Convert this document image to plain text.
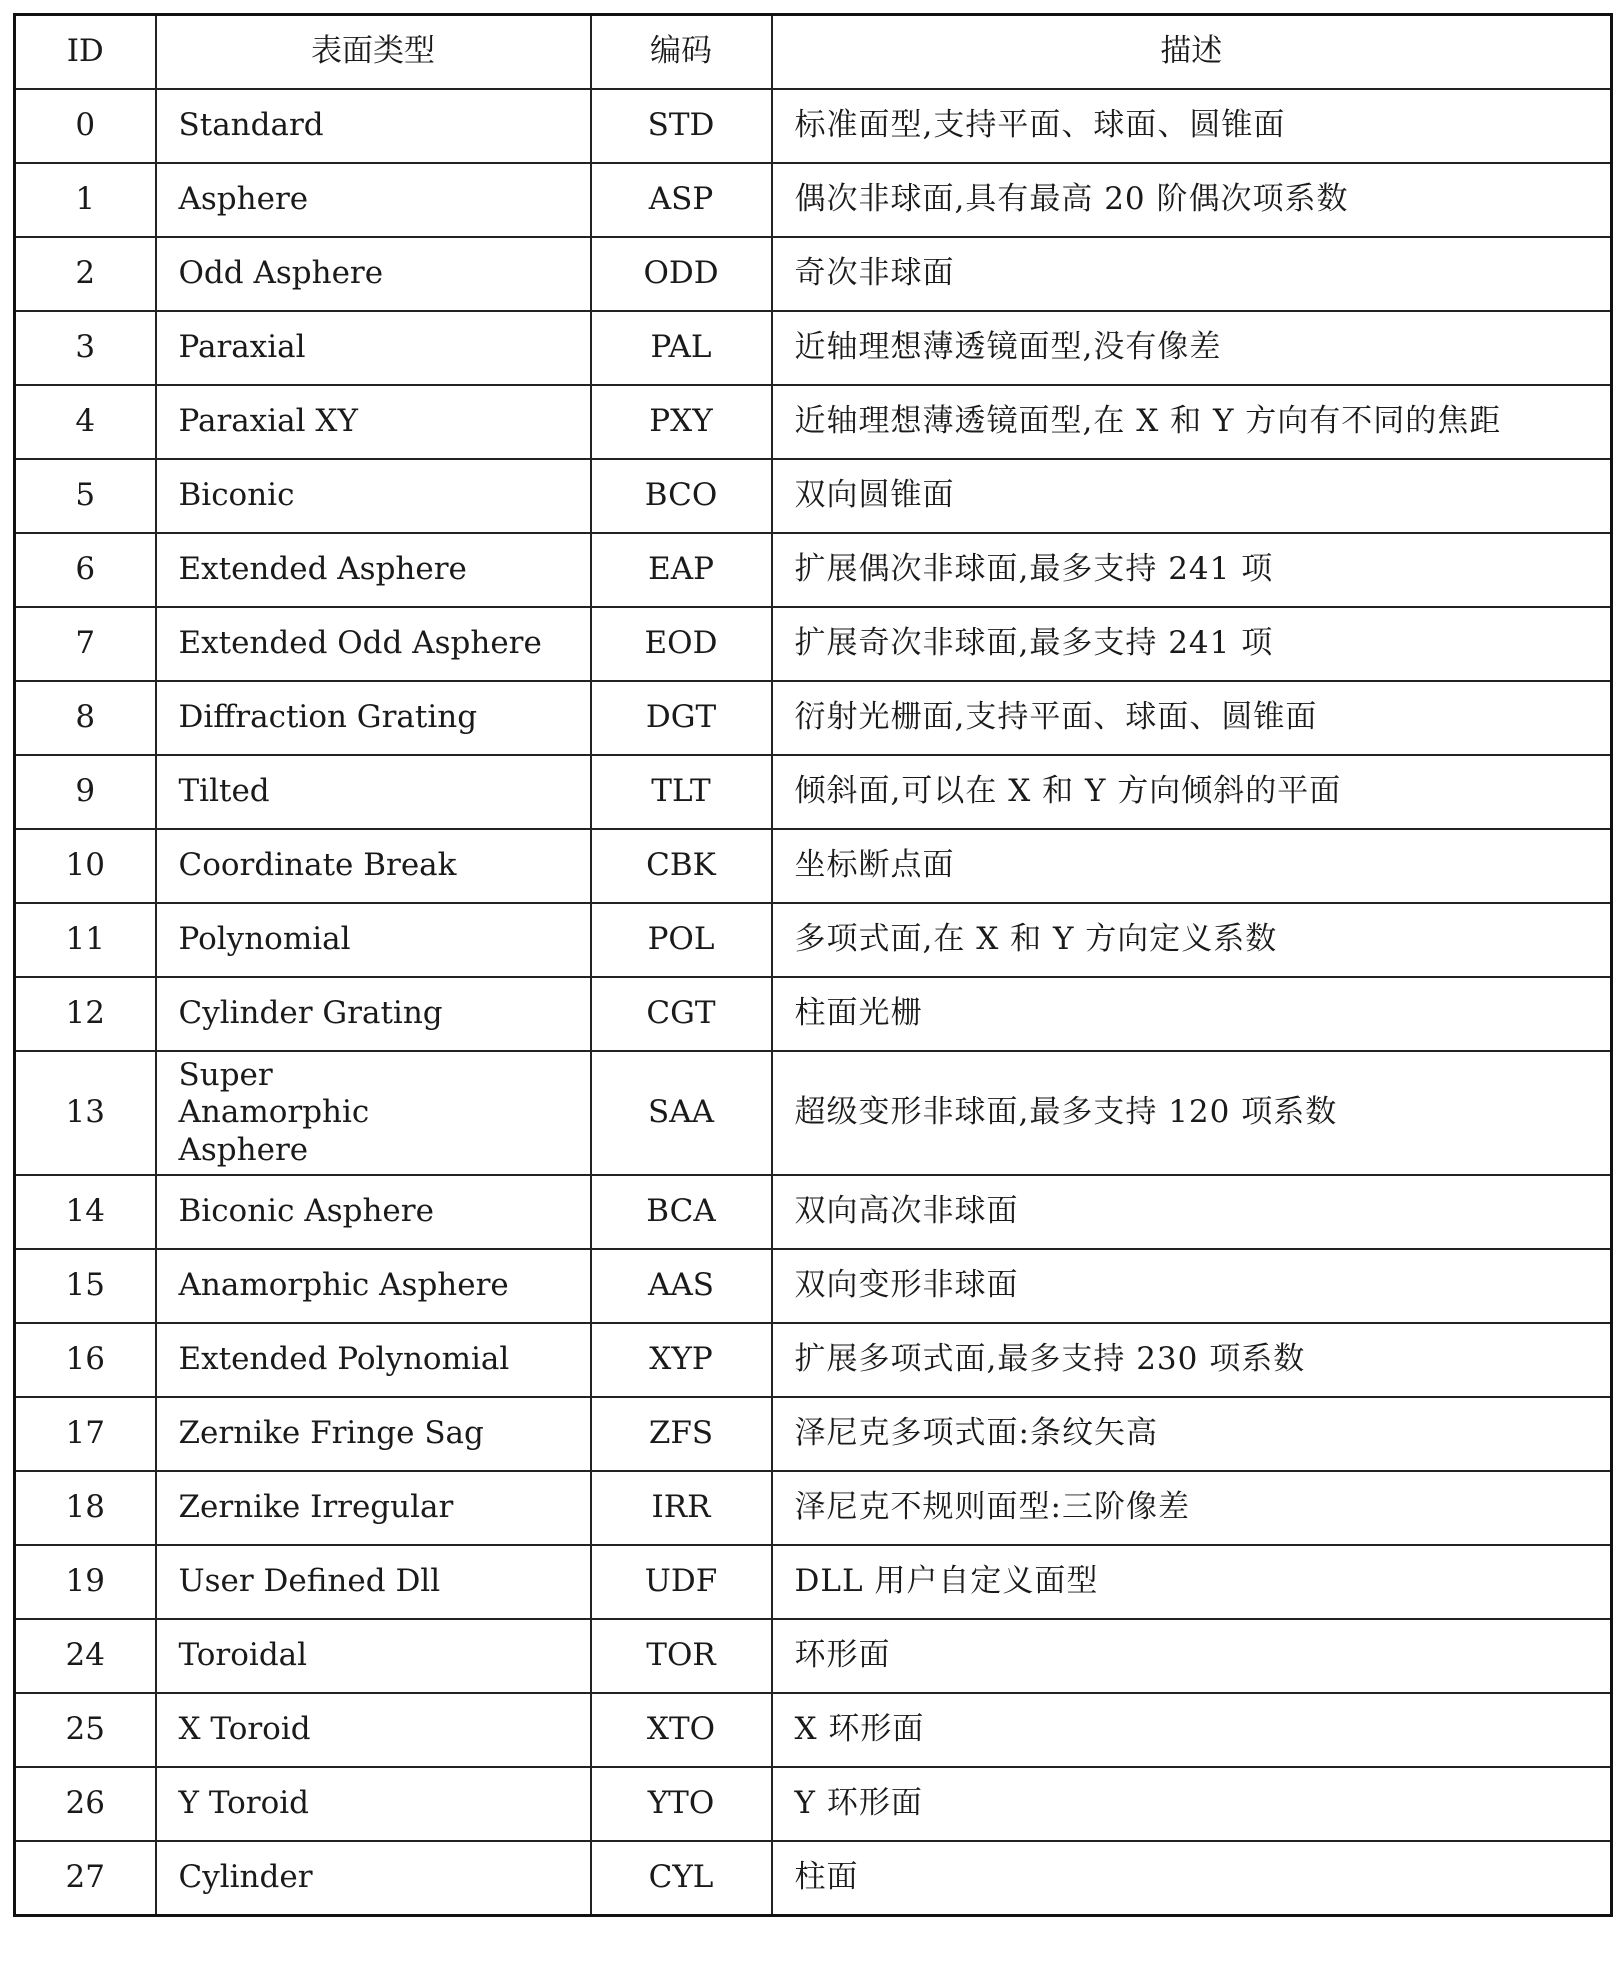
ID	表面类型	编码	描述
0	Standard	STD	标准面型,支持平面、球面、圆锥面
1	Asphere	ASP	偶次非球面,具有最高 20 阶偶次项系数
2	Odd Asphere	ODD	奇次非球面
3	Paraxial	PAL	近轴理想薄透镜面型,没有像差
4	Paraxial XY	PXY	近轴理想薄透镜面型,在 X 和 Y 方向有不同的焦距
5	Biconic	BCO	双向圆锥面
6	Extended Asphere	EAP	扩展偶次非球面,最多支持 241 项
7	Extended Odd Asphere	EOD	扩展奇次非球面,最多支持 241 项
8	Diffraction Grating	DGT	衍射光栅面,支持平面、球面、圆锥面
9	Tilted	TLT	倾斜面,可以在 X 和 Y 方向倾斜的平面
10	Coordinate Break	CBK	坐标断点面
11	Polynomial	POL	多项式面,在 X 和 Y 方向定义系数
12	Cylinder Grating	CGT	柱面光栅
13	Super Anamorphic Asphere	SAA	超级变形非球面,最多支持 120 项系数
14	Biconic Asphere	BCA	双向高次非球面
15	Anamorphic Asphere	AAS	双向变形非球面
16	Extended Polynomial	XYP	扩展多项式面,最多支持 230 项系数
17	Zernike Fringe Sag	ZFS	泽尼克多项式面:条纹矢高
18	Zernike Irregular	IRR	泽尼克不规则面型:三阶像差
19	User Defined Dll	UDF	DLL 用户自定义面型
24	Toroidal	TOR	环形面
25	X Toroid	XTO	X 环形面
26	Y Toroid	YTO	Y 环形面
27	Cylinder	CYL	柱面
